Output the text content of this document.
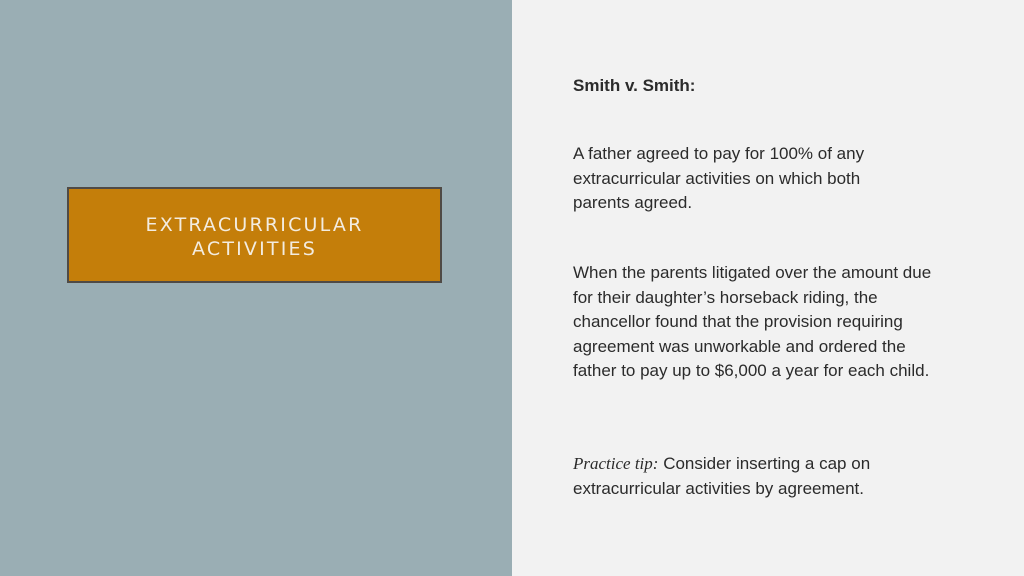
EXTRACURRICULAR
ACTIVITIES

Smith v. Smith:

A father agreed to pay for 100% of any extracurricular activities on which both parents agreed.

When the parents litigated over the amount due for their daughter’s horseback riding, the chancellor found that the provision requiring agreement was unworkable and ordered the father to pay up to $6,000 a year for each child.

Practice tip: Consider inserting a cap on extracurricular activities by agreement.
